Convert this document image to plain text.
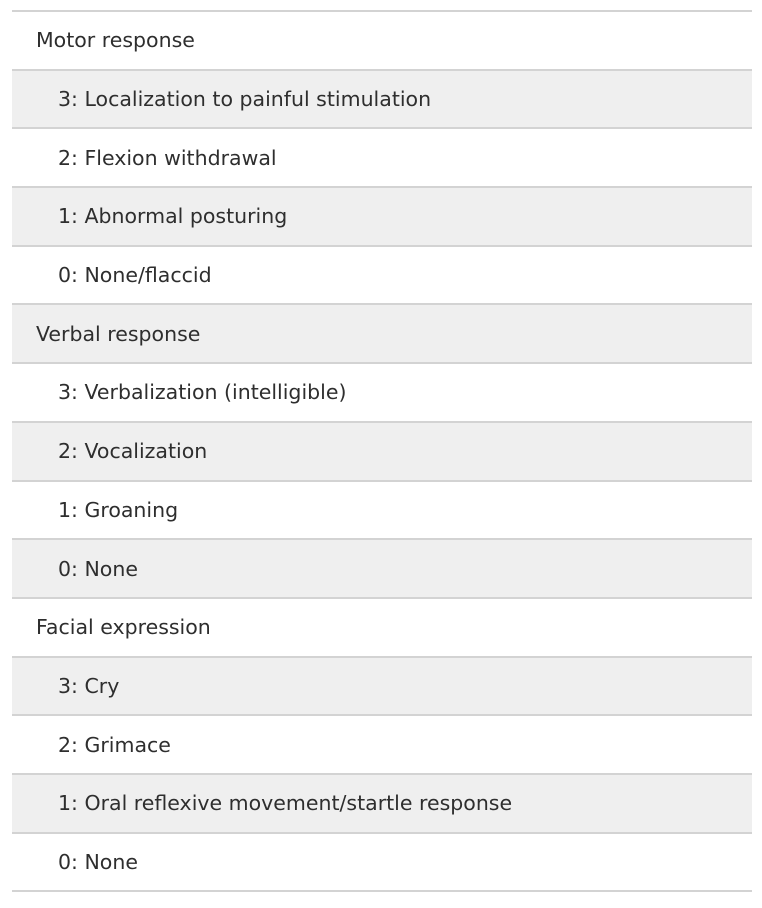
Motor response
3: Localization to painful stimulation
2: Flexion withdrawal
1: Abnormal posturing
0: None/flaccid
Verbal response
3: Verbalization (intelligible)
2: Vocalization
1: Groaning
0: None
Facial expression
3: Cry
2: Grimace
1: Oral reflexive movement/startle response
0: None
